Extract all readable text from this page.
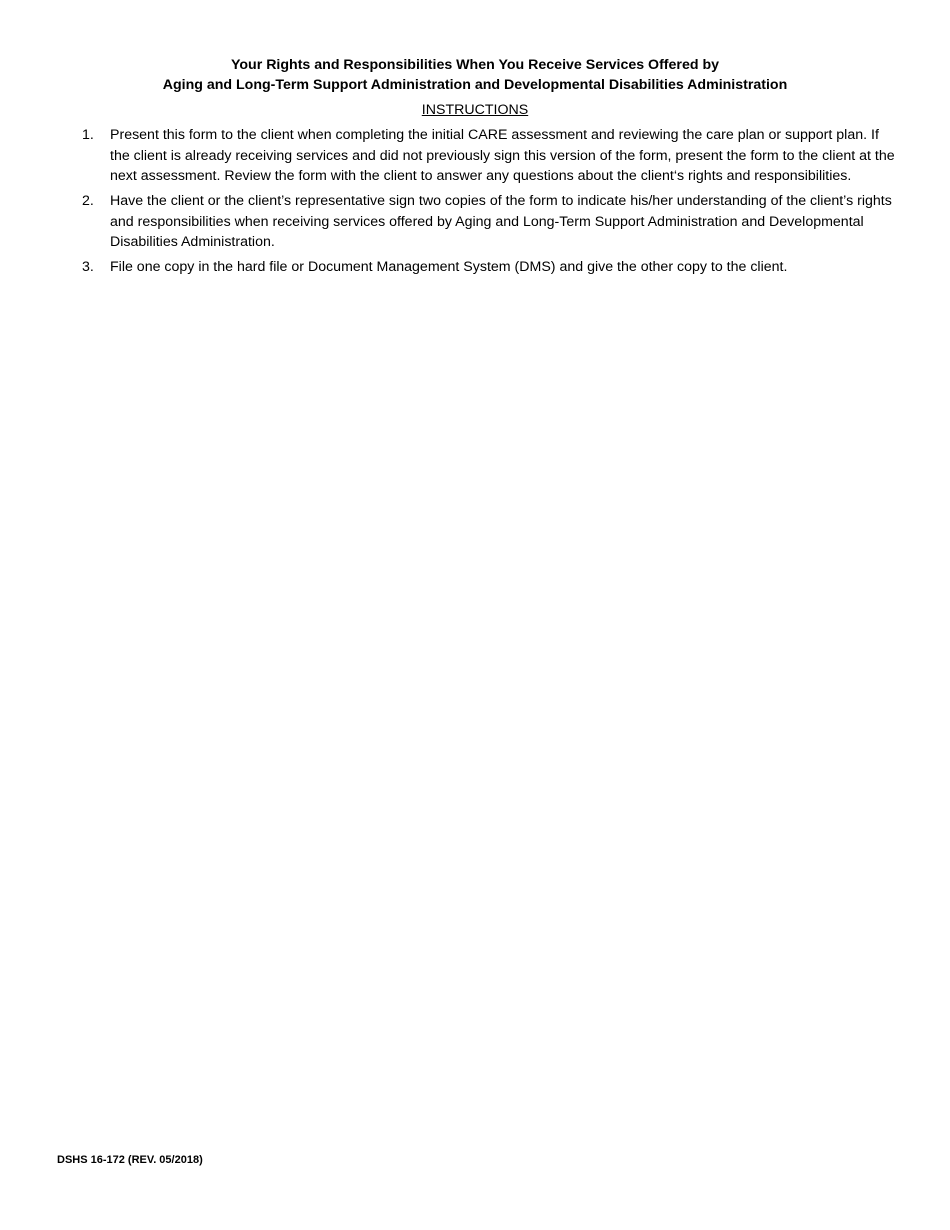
Your Rights and Responsibilities When You Receive Services Offered by
Aging and Long-Term Support Administration and Developmental Disabilities Administration
INSTRUCTIONS
1. Present this form to the client when completing the initial CARE assessment and reviewing the care plan or support plan. If the client is already receiving services and did not previously sign this version of the form, present the form to the client at the next assessment. Review the form with the client to answer any questions about the client‘s rights and responsibilities.
2. Have the client or the client’s representative sign two copies of the form to indicate his/her understanding of the client’s rights and responsibilities when receiving services offered by Aging and Long-Term Support Administration and Developmental Disabilities Administration.
3. File one copy in the hard file or Document Management System (DMS) and give the other copy to the client.
DSHS 16-172 (REV. 05/2018)
